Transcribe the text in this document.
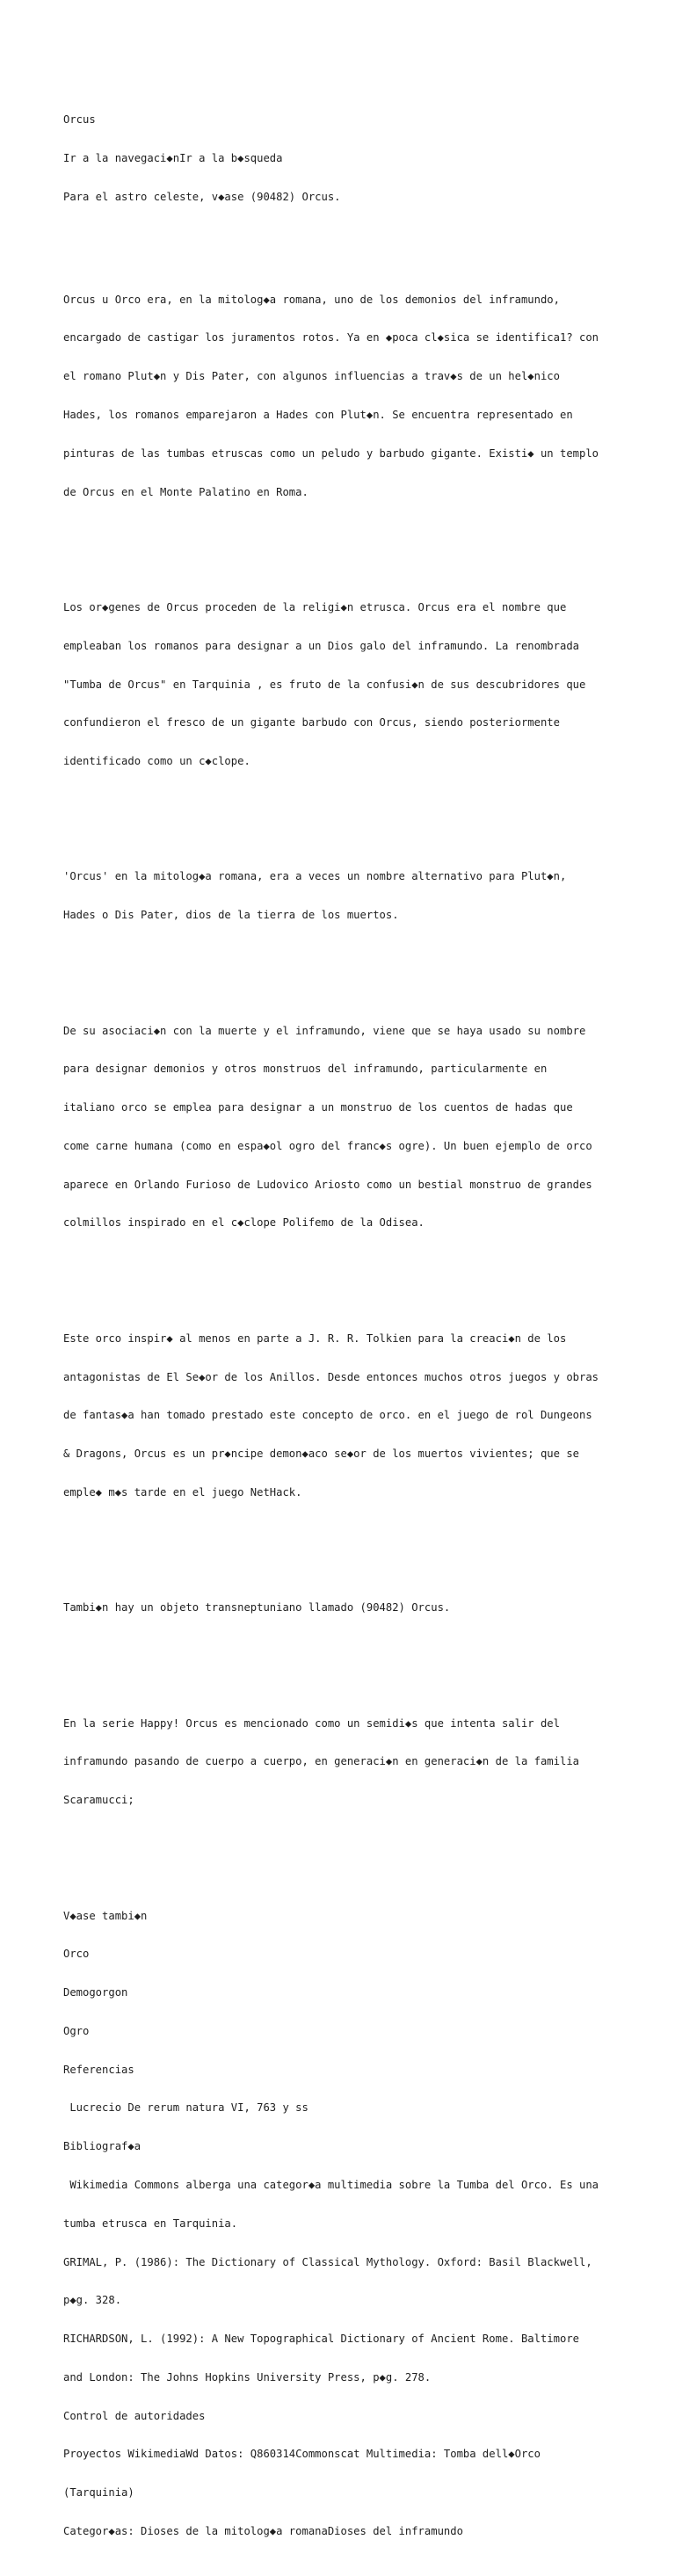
Orcus

Ir a la navegaci◆nIr a la b◆squeda

Para el astro celeste, v◆ase (90482) Orcus.

Orcus u Orco era, en la mitolog◆a romana, uno de los demonios del inframundo,

encargado de castigar los juramentos rotos. Ya en ◆poca cl◆sica se identifica1? con

el romano Plut◆n y Dis Pater, con algunos influencias a trav◆s de un hel◆nico

Hades, los romanos emparejaron a Hades con Plut◆n. Se encuentra representado en

pinturas de las tumbas etruscas como un peludo y barbudo gigante. Existi◆ un templo

de Orcus en el Monte Palatino en Roma.

Los or◆genes de Orcus proceden de la religi◆n etrusca. Orcus era el nombre que

empleaban los romanos para designar a un Dios galo del inframundo. La renombrada

"Tumba de Orcus" en Tarquinia , es fruto de la confusi◆n de sus descubridores que

confundieron el fresco de un gigante barbudo con Orcus, siendo posteriormente

identificado como un c◆clope.

'Orcus' en la mitolog◆a romana, era a veces un nombre alternativo para Plut◆n,

Hades o Dis Pater, dios de la tierra de los muertos.

De su asociaci◆n con la muerte y el inframundo, viene que se haya usado su nombre

para designar demonios y otros monstruos del inframundo, particularmente en

italiano orco se emplea para designar a un monstruo de los cuentos de hadas que

come carne humana (como en espa◆ol ogro del franc◆s ogre). Un buen ejemplo de orco

aparece en Orlando Furioso de Ludovico Ariosto como un bestial monstruo de grandes

colmillos inspirado en el c◆clope Polifemo de la Odisea.

Este orco inspir◆ al menos en parte a J. R. R. Tolkien para la creaci◆n de los

antagonistas de El Se◆or de los Anillos. Desde entonces muchos otros juegos y obras

de fantas◆a han tomado prestado este concepto de orco. en el juego de rol Dungeons

& Dragons, Orcus es un pr◆ncipe demon◆aco se◆or de los muertos vivientes; que se

emple◆ m◆s tarde en el juego NetHack.

Tambi◆n hay un objeto transneptuniano llamado (90482) Orcus.

En la serie Happy! Orcus es mencionado como un semidi◆s que intenta salir del

inframundo pasando de cuerpo a cuerpo, en generaci◆n en generaci◆n de la familia

Scaramucci;

V◆ase tambi◆n

Orco

Demogorgon

Ogro

Referencias

Lucrecio De rerum natura VI, 763 y ss

Bibliograf◆a

Wikimedia Commons alberga una categor◆a multimedia sobre la Tumba del Orco. Es una

tumba etrusca en Tarquinia.

GRIMAL, P. (1986): The Dictionary of Classical Mythology. Oxford: Basil Blackwell,

p◆g. 328.

RICHARDSON, L. (1992): A New Topographical Dictionary of Ancient Rome. Baltimore

and London: The Johns Hopkins University Press, p◆g. 278.

Control de autoridades

Proyectos WikimediaWd Datos: Q860314Commonscat Multimedia: Tomba dell◆Orco

(Tarquinia)

Categor◆as: Dioses de la mitolog◆a romanaDioses del inframundo
